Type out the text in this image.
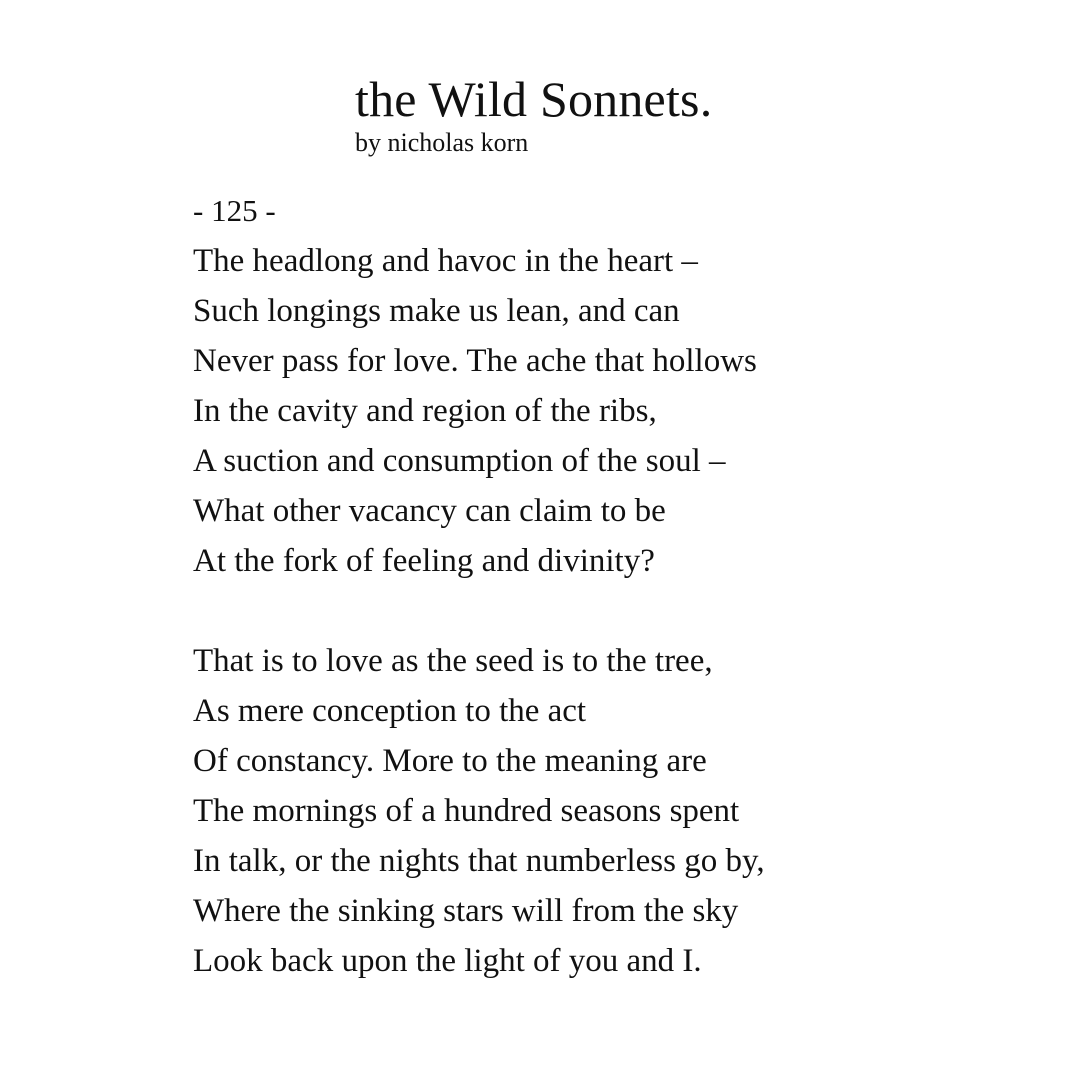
the Wild Sonnets.
by nicholas korn
- 125 -
The headlong and havoc in the heart –
Such longings make us lean, and can
Never pass for love. The ache that hollows
In the cavity and region of the ribs,
A suction and consumption of the soul –
What other vacancy can claim to be
At the fork of feeling and divinity?
That is to love as the seed is to the tree,
As mere conception to the act
Of constancy. More to the meaning are
The mornings of a hundred seasons spent
In talk, or the nights that numberless go by,
Where the sinking stars will from the sky
Look back upon the light of you and I.
